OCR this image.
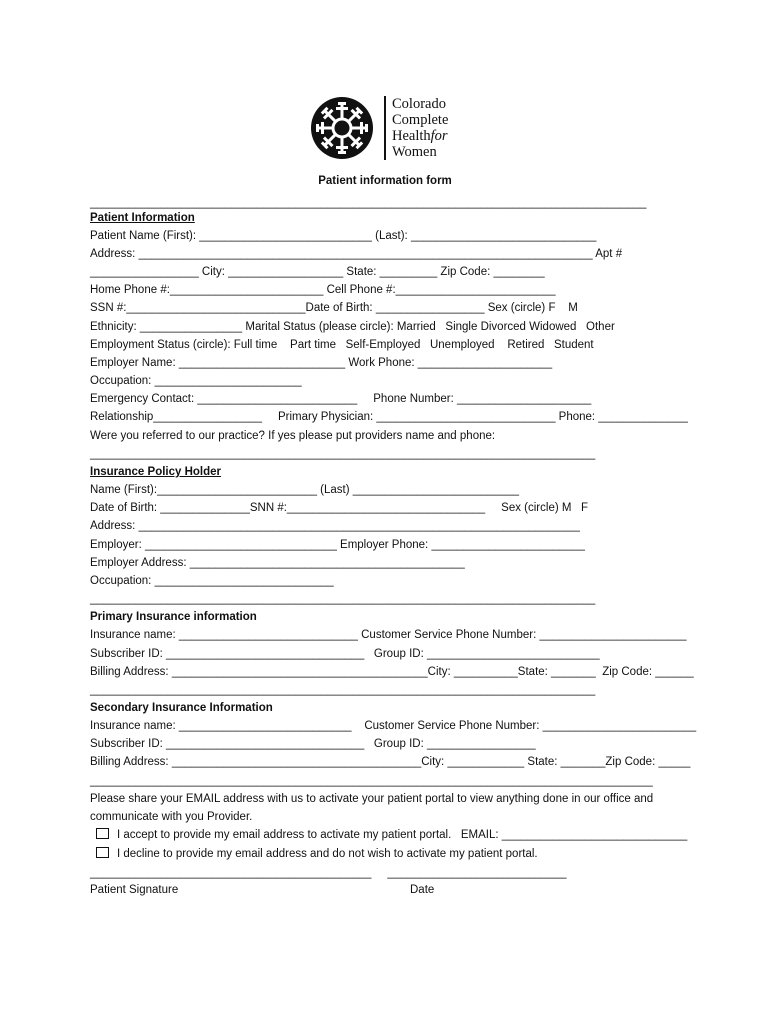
Colorado
Complete
Healthfor
Women
Patient information form
_______________________________________________________________________________________
Patient Information
Patient Name (First): ___________________________ (Last): _____________________________
Address: _______________________________________________________________________ Apt #
_________________ City: __________________ State: _________ Zip Code: ________
Home Phone #:________________________ Cell Phone #:_________________________
SSN #:____________________________Date of Birth: _________________ Sex (circle) F    M
Ethnicity: ________________ Marital Status (please circle): Married   Single Divorced Widowed   Other
Employment Status (circle): Full time    Part time   Self-Employed   Unemployed    Retired   Student
Employer Name: __________________________ Work Phone: _____________________
Occupation: _______________________
Emergency Contact: _________________________     Phone Number: _____________________
Relationship_________________     Primary Physician: ____________________________ Phone: ______________
Were you referred to our practice? If yes please put providers name and phone:
_______________________________________________________________________________
Insurance Policy Holder
Name (First):_________________________ (Last) __________________________
Date of Birth: ______________SNN #:_______________________________     Sex (circle) M   F
Address: _____________________________________________________________________
Employer: ______________________________ Employer Phone: ________________________
Employer Address: ___________________________________________
Occupation: ____________________________
_______________________________________________________________________________
Primary Insurance information
Insurance name: ____________________________ Customer Service Phone Number: _______________________
Subscriber ID: _______________________________   Group ID: ___________________________
Billing Address: ________________________________________City: __________State: _______  Zip Code: ______
_______________________________________________________________________________
Secondary Insurance Information
Insurance name: ___________________________    Customer Service Phone Number: ________________________
Subscriber ID: _______________________________   Group ID: _________________
Billing Address: _______________________________________City: ____________ State: _______Zip Code: _____
________________________________________________________________________________________
Please share your EMAIL address with us to activate your patient portal to view anything done in our office and
communicate with you Provider.
I accept to provide my email address to activate my patient portal.   EMAIL: _____________________________
I decline to provide my email address and do not wish to activate my patient portal.
____________________________________________     ____________________________
Patient Signature	Date
